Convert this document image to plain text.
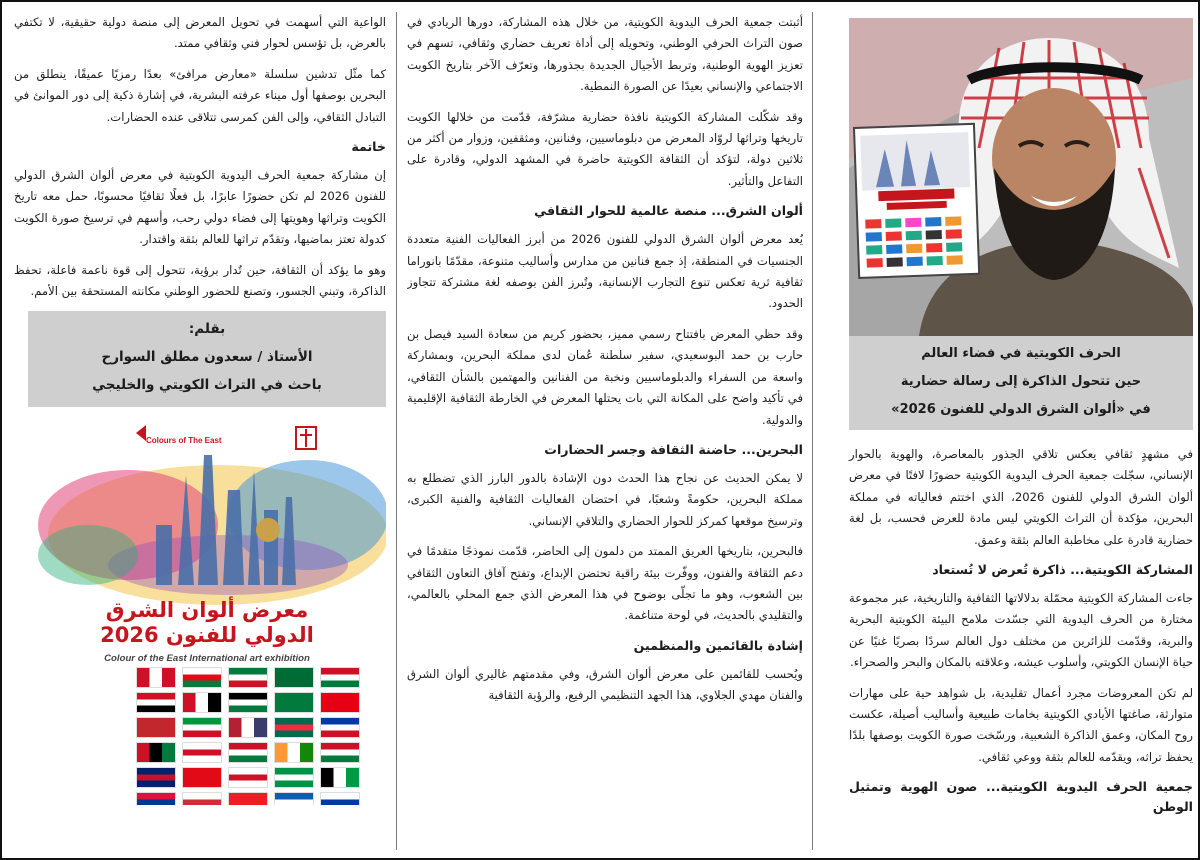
الحرف الكويتية في فضاء العالم
حين تتحول الذاكرة إلى رسالة حضارية
في «ألوان الشرق الدولي للفنون 2026»

في مشهدٍ ثقافي يعكس تلاقي الجذور بالمعاصرة، والهوية بالحوار الإنساني، سجّلت جمعية الحرف اليدوية الكويتية حضورًا لافتًا في معرض ألوان الشرق الدولي للفنون 2026، الذي اختتم فعالياته في مملكة البحرين، مؤكدة أن التراث الكويتي ليس مادة للعرض فحسب، بل لغة حضارية قادرة على مخاطبة العالم بثقة وعمق.

المشاركة الكويتية... ذاكرة تُعرض لا تُستعاد

جاءت المشاركة الكويتية محمّلة بدلالاتها الثقافية والتاريخية، عبر مجموعة مختارة من الحرف اليدوية التي جسّدت ملامح البيئة الكويتية البحرية والبرية، وقدّمت للزائرين من مختلف دول العالم سردًا بصريًا غنيًا عن حياة الإنسان الكويتي، وأسلوب عيشه، وعلاقته بالمكان والبحر والصحراء.

لم تكن المعروضات مجرد أعمال تقليدية، بل شواهد حية على مهارات متوارثة، صاغتها الأيادي الكويتية بخامات طبيعية وأساليب أصيلة، عكست روح المكان، وعمق الذاكرة الشعبية، ورسّخت صورة الكويت بوصفها بلدًا يحفظ تراثه، ويقدّمه للعالم بثقة ووعي ثقافي.

جمعية الحرف اليدوية الكويتية... صون الهوية وتمثيل الوطن

أثبتت جمعية الحرف اليدوية الكويتية، من خلال هذه المشاركة، دورها الريادي في صون التراث الحرفي الوطني، وتحويله إلى أداة تعريف حضاري وثقافي، تسهم في تعزيز الهوية الوطنية، وتربط الأجيال الجديدة بجذورها، وتعرّف الآخر بتاريخ الكويت الاجتماعي والإنساني بعيدًا عن الصورة النمطية.

وقد شكّلت المشاركة الكويتية نافذة حضارية مشرّفة، قدّمت من خلالها الكويت تاريخها وتراثها لروّاد المعرض من دبلوماسيين، وفنانين، ومثقفين، وزوار من أكثر من ثلاثين دولة، لتؤكد أن الثقافة الكويتية حاضرة في المشهد الدولي، وقادرة على التفاعل والتأثير.

ألوان الشرق... منصة عالمية للحوار الثقافي

يُعد معرض ألوان الشرق الدولي للفنون 2026 من أبرز الفعاليات الفنية متعددة الجنسيات في المنطقة، إذ جمع فنانين من مدارس وأساليب متنوعة، مقدّمًا بانوراما ثقافية ثرية تعكس تنوع التجارب الإنسانية، وتُبرز الفن بوصفه لغة مشتركة تتجاوز الحدود.

وقد حظي المعرض بافتتاح رسمي مميز، بحضور كريم من سعادة السيد فيصل بن حارب بن حمد البوسعيدي، سفير سلطنة عُمان لدى مملكة البحرين، وبمشاركة واسعة من السفراء والدبلوماسيين ونخبة من الفنانين والمهتمين بالشأن الثقافي، في تأكيد واضح على المكانة التي بات يحتلها المعرض في الخارطة الثقافية الإقليمية والدولية.

البحرين... حاضنة الثقافة وجسر الحضارات

لا يمكن الحديث عن نجاح هذا الحدث دون الإشادة بالدور البارز الذي تضطلع به مملكة البحرين، حكومةً وشعبًا، في احتضان الفعاليات الثقافية والفنية الكبرى، وترسيخ موقعها كمركز للحوار الحضاري والتلاقي الإنساني.

فالبحرين، بتاريخها العريق الممتد من دلمون إلى الحاضر، قدّمت نموذجًا متقدمًا في دعم الثقافة والفنون، ووفّرت بيئة راقية تحتضن الإبداع، وتفتح آفاق التعاون الثقافي بين الشعوب، وهو ما تجلّى بوضوح في هذا المعرض الذي جمع المحلي بالعالمي، والتقليدي بالحديث، في لوحة متناغمة.

إشادة بالقائمين والمنظمين

ويُحسب للقائمين على معرض ألوان الشرق، وفي مقدمتهم غاليري ألوان الشرق والفنان مهدي الجلاوي، هذا الجهد التنظيمي الرفيع، والرؤية الثقافية

الواعية التي أسهمت في تحويل المعرض إلى منصة دولية حقيقية، لا تكتفي بالعرض، بل تؤسس لحوار فني وثقافي ممتد.

كما مثّل تدشين سلسلة «معارض مرافئ» بعدًا رمزيًا عميقًا، ينطلق من البحرين بوصفها أول ميناء عرفته البشرية، في إشارة ذكية إلى دور الموانئ في التبادل الثقافي، وإلى الفن كمرسى تتلاقى عنده الحضارات.

خاتمة

إن مشاركة جمعية الحرف اليدوية الكويتية في معرض ألوان الشرق الدولي للفنون 2026 لم تكن حضورًا عابرًا، بل فعلًا ثقافيًا محسوبًا، حمل معه تاريخ الكويت وتراثها وهويتها إلى فضاء دولي رحب، وأسهم في ترسيخ صورة الكويت كدولة تعتز بماضيها، وتقدّم تراثها للعالم بثقة واقتدار.

وهو ما يؤكد أن الثقافة، حين تُدار برؤية، تتحول إلى قوة ناعمة فاعلة، تحفظ الذاكرة، وتبني الجسور، وتصنع للحضور الوطني مكانته المستحقة بين الأمم.

بقلم:
الأستاذ / سعدون مطلق السوارح
باحث في التراث الكويتي والخليجي
Colours of The East
معرض ألوان الشرق
الدولي للفنون 2026
Colour of the East International art exhibition
